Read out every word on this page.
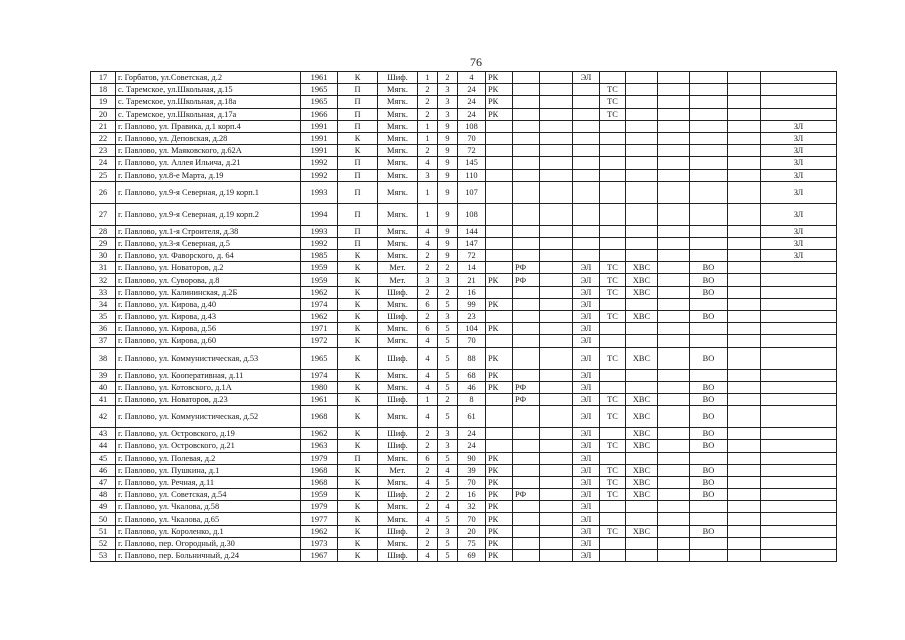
76
17	г. Горбатов, ул.Советская, д.2	1961	К	Шиф.	1	2	4	РК			ЭЛ						
18	с. Таремское, ул.Школьная, д.15	1965	П	Мягк.	2	3	24	РК				ТС					
19	с. Таремское, ул.Школьная, д.18а	1965	П	Мягк.	2	3	24	РК				ТС					
20	с. Таремское, ул.Школьная, д.17а	1966	П	Мягк.	2	3	24	РК				ТС					
21	г. Павлово, ул. Правика, д.1 корп.4	1991	П	Мягк.	1	9	108										ЗЛ
22	г. Павлово, ул. Деповская, д.28	1991	К	Мягк.	1	9	70										ЗЛ
23	г. Павлово, ул. Маяковского, д.62А	1991	К	Мягк.	2	9	72										ЗЛ
24	г. Павлово, ул. Аллея Ильича, д.21	1992	П	Мягк.	4	9	145										ЗЛ
25	г. Павлово, ул.8-е Марта, д.19	1992	П	Мягк.	3	9	110										ЗЛ
26	г. Павлово, ул.9-я Северная, д.19 корп.1	1993	П	Мягк.	1	9	107										ЗЛ
27	г. Павлово, ул.9-я Северная, д.19 корп.2	1994	П	Мягк.	1	9	108										ЗЛ
28	г. Павлово, ул.1-я Строителя, д.38	1993	П	Мягк.	4	9	144										ЗЛ
29	г. Павлово, ул.3-я Северная, д.5	1992	П	Мягк.	4	9	147										ЗЛ
30	г. Павлово, ул. Фаворского, д. 64	1985	К	Мягк.	2	9	72										ЗЛ
31	г. Павлово, ул. Новаторов, д.2	1959	К	Мет.	2	2	14		РФ		ЭЛ	ТС	ХВС		ВО		
32	г. Павлово, ул. Суворова, д.8	1959	К	Мет.	3	3	21	РК	РФ		ЭЛ	ТС	ХВС		ВО		
33	г. Павлово, ул. Калининская, д.2Б	1962	К	Шиф.	2	2	16				ЭЛ	ТС	ХВС		ВО		
34	г. Павлово, ул. Кирова, д.40	1974	К	Мягк.	6	5	99	РК			ЭЛ						
35	г. Павлово, ул. Кирова, д.43	1962	К	Шиф.	2	3	23				ЭЛ	ТС	ХВС		ВО		
36	г. Павлово, ул. Кирова, д.56	1971	К	Мягк.	6	5	104	РК			ЭЛ						
37	г. Павлово, ул. Кирова, д.60	1972	К	Мягк.	4	5	70				ЭЛ						
38	г. Павлово, ул. Коммунистическая, д.53	1965	К	Шиф.	4	5	88	РК			ЭЛ	ТС	ХВС		ВО		
39	г. Павлово, ул. Кооперативная, д.11	1974	К	Мягк.	4	5	68	РК			ЭЛ						
40	г. Павлово, ул. Котовского, д.1А	1980	К	Мягк.	4	5	46	РК	РФ		ЭЛ				ВО		
41	г. Павлово, ул. Новаторов, д.23	1961	К	Шиф.	1	2	8		РФ		ЭЛ	ТС	ХВС		ВО		
42	г. Павлово, ул. Коммунистическая, д.52	1968	К	Мягк.	4	5	61				ЭЛ	ТС	ХВС		ВО		
43	г. Павлово, ул. Островского, д.19	1962	К	Шиф.	2	3	24				ЭЛ		ХВС		ВО		
44	г. Павлово, ул. Островского, д.21	1963	К	Шиф.	2	3	24				ЭЛ	ТС	ХВС		ВО		
45	г. Павлово, ул. Полевая, д.2	1979	П	Мягк.	6	5	90	РК			ЭЛ						
46	г. Павлово, ул. Пушкина, д.1	1968	К	Мет.	2	4	39	РК			ЭЛ	ТС	ХВС		ВО		
47	г. Павлово, ул. Речная, д.11	1968	К	Мягк.	4	5	70	РК			ЭЛ	ТС	ХВС		ВО		
48	г. Павлово, ул. Советская, д.54	1959	К	Шиф.	2	2	16	РК	РФ		ЭЛ	ТС	ХВС		ВО		
49	г. Павлово, ул. Чкалова, д.58	1979	К	Мягк.	2	4	32	РК			ЭЛ						
50	г. Павлово, ул. Чкалова, д.65	1977	К	Мягк.	4	5	70	РК			ЭЛ						
51	г. Павлово, ул. Короленко, д.1	1962	К	Шиф.	2	3	20	РК			ЭЛ	ТС	ХВС		ВО		
52	г. Павлово, пер. Огородный, д.30	1973	К	Мягк.	2	5	75	РК			ЭЛ						
53	г. Павлово, пер. Больничный, д.24	1967	К	Шиф.	4	5	69	РК			ЭЛ						
